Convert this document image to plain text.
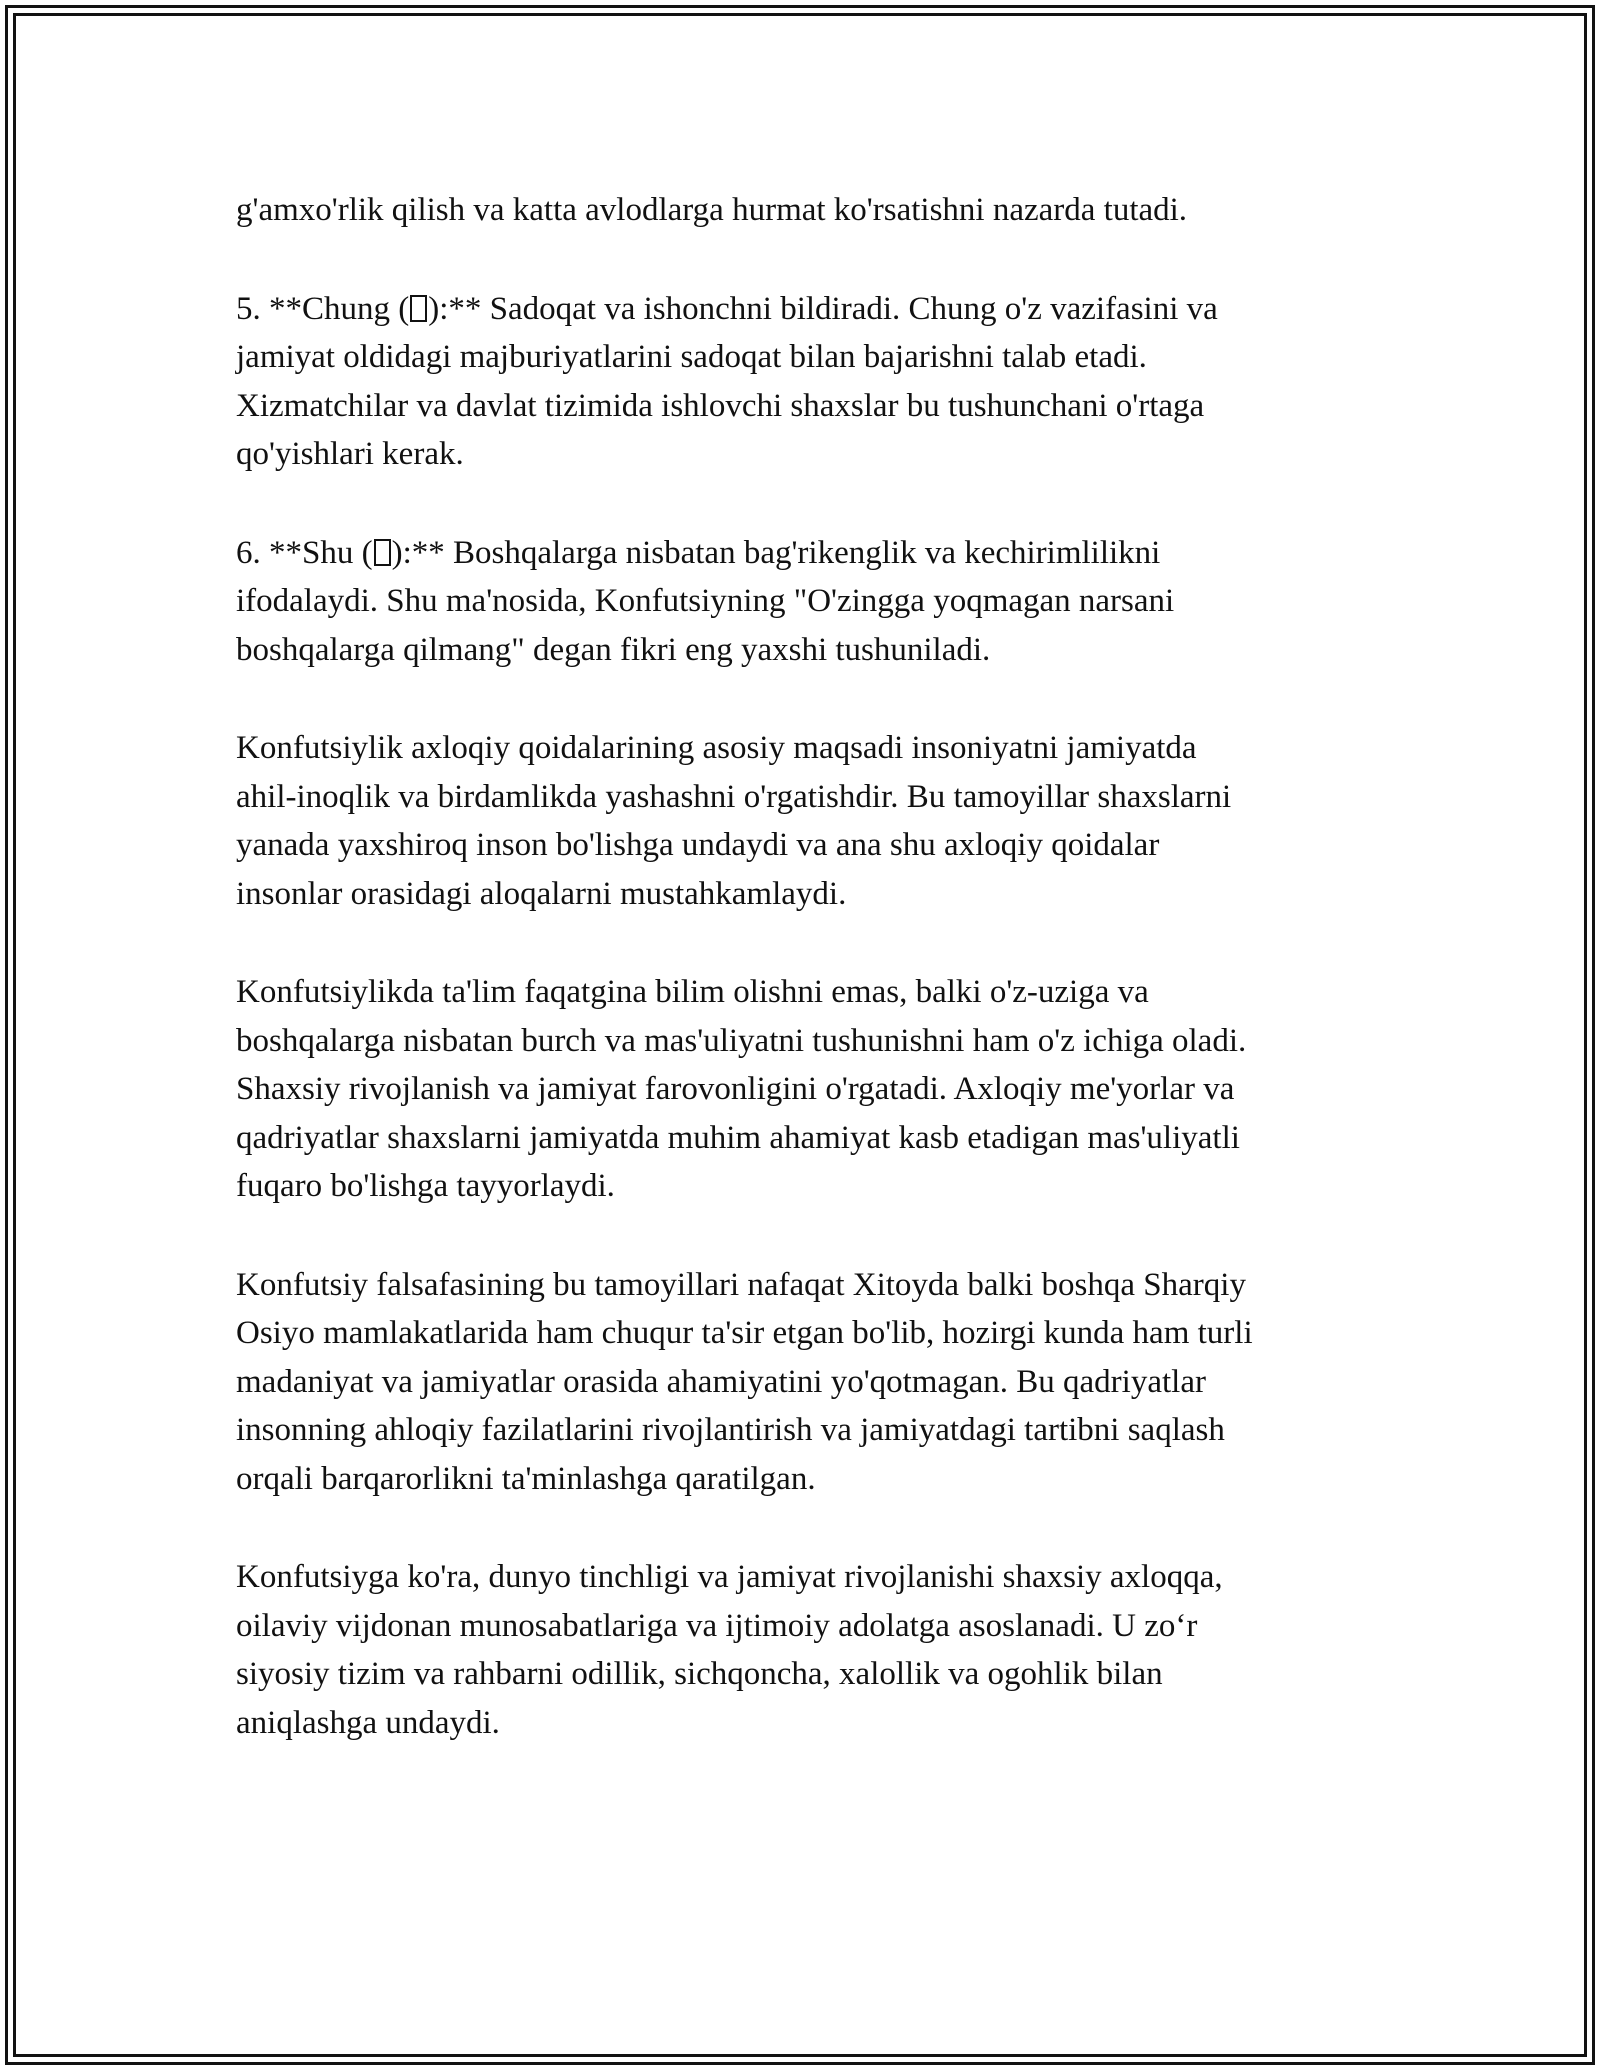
g'amxo'rlik qilish va katta avlodlarga hurmat ko'rsatishni nazarda tutadi.

5. **Chung ( ):** Sadoqat va ishonchni bildiradi. Chung o'z vazifasini va
jamiyat oldidagi majburiyatlarini sadoqat bilan bajarishni talab etadi.
Xizmatchilar va davlat tizimida ishlovchi shaxslar bu tushunchani o'rtaga
qo'yishlari kerak.

6. **Shu ( ):** Boshqalarga nisbatan bag'rikenglik va kechirimlilikni
ifodalaydi. Shu ma'nosida, Konfutsiyning "O'zingga yoqmagan narsani
boshqalarga qilmang" degan fikri eng yaxshi tushuniladi.

Konfutsiylik axloqiy qoidalarining asosiy maqsadi insoniyatni jamiyatda
ahil-inoqlik va birdamlikda yashashni o'rgatishdir. Bu tamoyillar shaxslarni
yanada yaxshiroq inson bo'lishga undaydi va ana shu axloqiy qoidalar
insonlar orasidagi aloqalarni mustahkamlaydi.

Konfutsiylikda ta'lim faqatgina bilim olishni emas, balki o'z-uziga va
boshqalarga nisbatan burch va mas'uliyatni tushunishni ham o'z ichiga oladi.
Shaxsiy rivojlanish va jamiyat farovonligini o'rgatadi. Axloqiy me'yorlar va
qadriyatlar shaxslarni jamiyatda muhim ahamiyat kasb etadigan mas'uliyatli
fuqaro bo'lishga tayyorlaydi.

Konfutsiy falsafasining bu tamoyillari nafaqat Xitoyda balki boshqa Sharqiy
Osiyo mamlakatlarida ham chuqur ta'sir etgan bo'lib, hozirgi kunda ham turli
madaniyat va jamiyatlar orasida ahamiyatini yo'qotmagan. Bu qadriyatlar
insonning ahloqiy fazilatlarini rivojlantirish va jamiyatdagi tartibni saqlash
orqali barqarorlikni ta'minlashga qaratilgan.

Konfutsiyga ko'ra, dunyo tinchligi va jamiyat rivojlanishi shaxsiy axloqqa,
oilaviy vijdonan munosabatlariga va ijtimoiy adolatga asoslanadi. U zo‘r
siyosiy tizim va rahbarni odillik, sichqoncha, xalollik va ogohlik bilan
aniqlashga undaydi.
